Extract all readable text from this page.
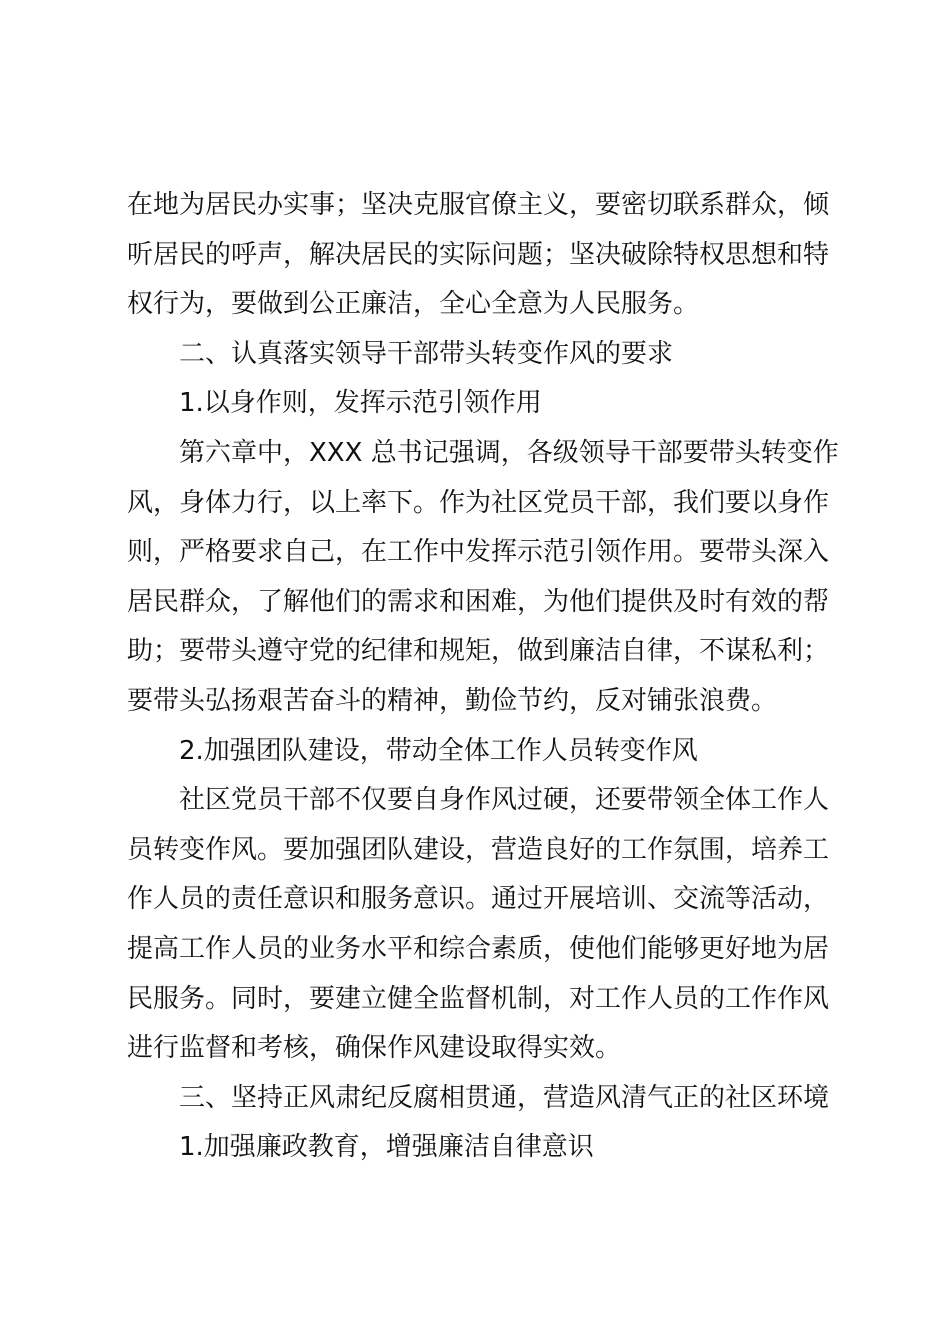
在地为居民办实事；坚决克服官僚主义，要密切联系群众，倾
听居民的呼声，解决居民的实际问题；坚决破除特权思想和特
权行为，要做到公正廉洁，全心全意为人民服务。
二、认真落实领导干部带头转变作风的要求
1.以身作则，发挥示范引领作用
第六章中，XXX 总书记强调，各级领导干部要带头转变作
风，身体力行，以上率下。作为社区党员干部，我们要以身作
则，严格要求自己，在工作中发挥示范引领作用。要带头深入
居民群众，了解他们的需求和困难，为他们提供及时有效的帮
助；要带头遵守党的纪律和规矩，做到廉洁自律，不谋私利；
要带头弘扬艰苦奋斗的精神，勤俭节约，反对铺张浪费。
2.加强团队建设，带动全体工作人员转变作风
社区党员干部不仅要自身作风过硬，还要带领全体工作人
员转变作风。要加强团队建设，营造良好的工作氛围，培养工
作人员的责任意识和服务意识。通过开展培训、交流等活动，
提高工作人员的业务水平和综合素质，使他们能够更好地为居
民服务。同时，要建立健全监督机制，对工作人员的工作作风
进行监督和考核，确保作风建设取得实效。
三、坚持正风肃纪反腐相贯通，营造风清气正的社区环境
1.加强廉政教育，增强廉洁自律意识
